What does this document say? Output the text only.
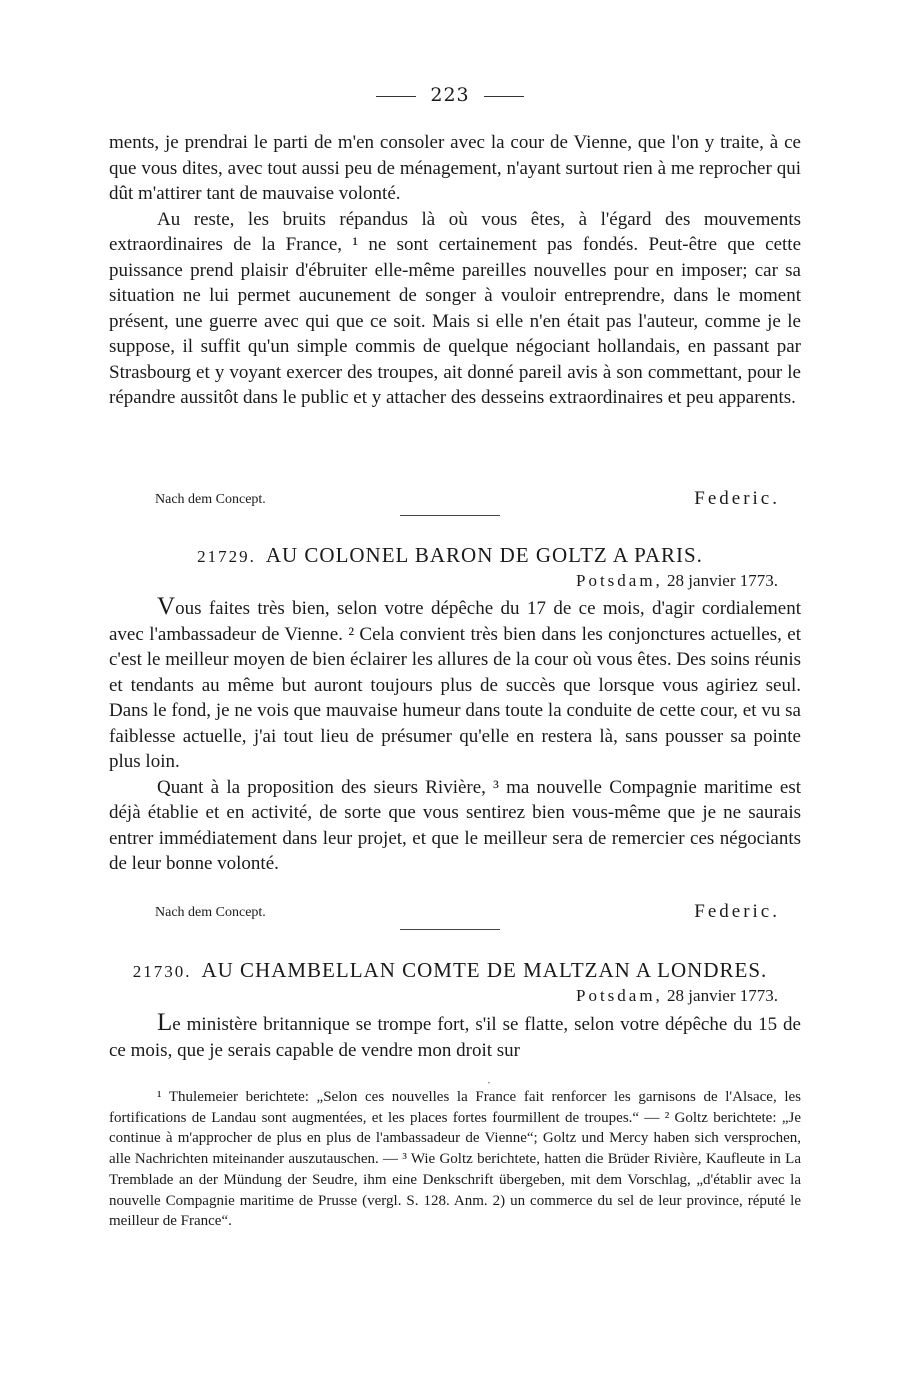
223

ments, je prendrai le parti de m'en consoler avec la cour de Vienne, que l'on y traite, à ce que vous dites, avec tout aussi peu de ménagement, n'ayant surtout rien à me reprocher qui dût m'attirer tant de mauvaise volonté.

Au reste, les bruits répandus là où vous êtes, à l'égard des mouvements extraordinaires de la France, ¹ ne sont certainement pas fondés. Peut-être que cette puissance prend plaisir d'ébruiter elle-même pareilles nouvelles pour en imposer; car sa situation ne lui permet aucunement de songer à vouloir entreprendre, dans le moment présent, une guerre avec qui que ce soit. Mais si elle n'en était pas l'auteur, comme je le suppose, il suffit qu'un simple commis de quelque négociant hollandais, en passant par Strasbourg et y voyant exercer des troupes, ait donné pareil avis à son commettant, pour le répandre aussitôt dans le public et y attacher des desseins extraordinaires et peu apparents.

Nach dem Concept.	Federic.
21729. AU COLONEL BARON DE GOLTZ A PARIS.
Potsdam, 28 janvier 1773.

Vous faites très bien, selon votre dépêche du 17 de ce mois, d'agir cordialement avec l'ambassadeur de Vienne. ² Cela convient très bien dans les conjonctures actuelles, et c'est le meilleur moyen de bien éclairer les allures de la cour où vous êtes. Des soins réunis et tendants au même but auront toujours plus de succès que lorsque vous agiriez seul. Dans le fond, je ne vois que mauvaise humeur dans toute la conduite de cette cour, et vu sa faiblesse actuelle, j'ai tout lieu de présumer qu'elle en restera là, sans pousser sa pointe plus loin.

Quant à la proposition des sieurs Rivière, ³ ma nouvelle Compagnie maritime est déjà établie et en activité, de sorte que vous sentirez bien vous-même que je ne saurais entrer immédiatement dans leur projet, et que le meilleur sera de remercier ces négociants de leur bonne volonté.

Nach dem Concept.	Federic.
21730. AU CHAMBELLAN COMTE DE MALTZAN A LONDRES.
Potsdam, 28 janvier 1773.

Le ministère britannique se trompe fort, s'il se flatte, selon votre dépêche du 15 de ce mois, que je serais capable de vendre mon droit sur

·

¹ Thulemeier berichtete: „Selon ces nouvelles la France fait renforcer les garnisons de l'Alsace, les fortifications de Landau sont augmentées, et les places fortes fourmillent de troupes.“ — ² Goltz berichtete: „Je continue à m'approcher de plus en plus de l'ambassadeur de Vienne“; Goltz und Mercy haben sich versprochen, alle Nachrichten miteinander auszutauschen. — ³ Wie Goltz berichtete, hatten die Brüder Rivière, Kaufleute in La Tremblade an der Mündung der Seudre, ihm eine Denkschrift übergeben, mit dem Vorschlag, „d'établir avec la nouvelle Compagnie maritime de Prusse (vergl. S. 128. Anm. 2) un commerce du sel de leur province, réputé le meilleur de France“.
